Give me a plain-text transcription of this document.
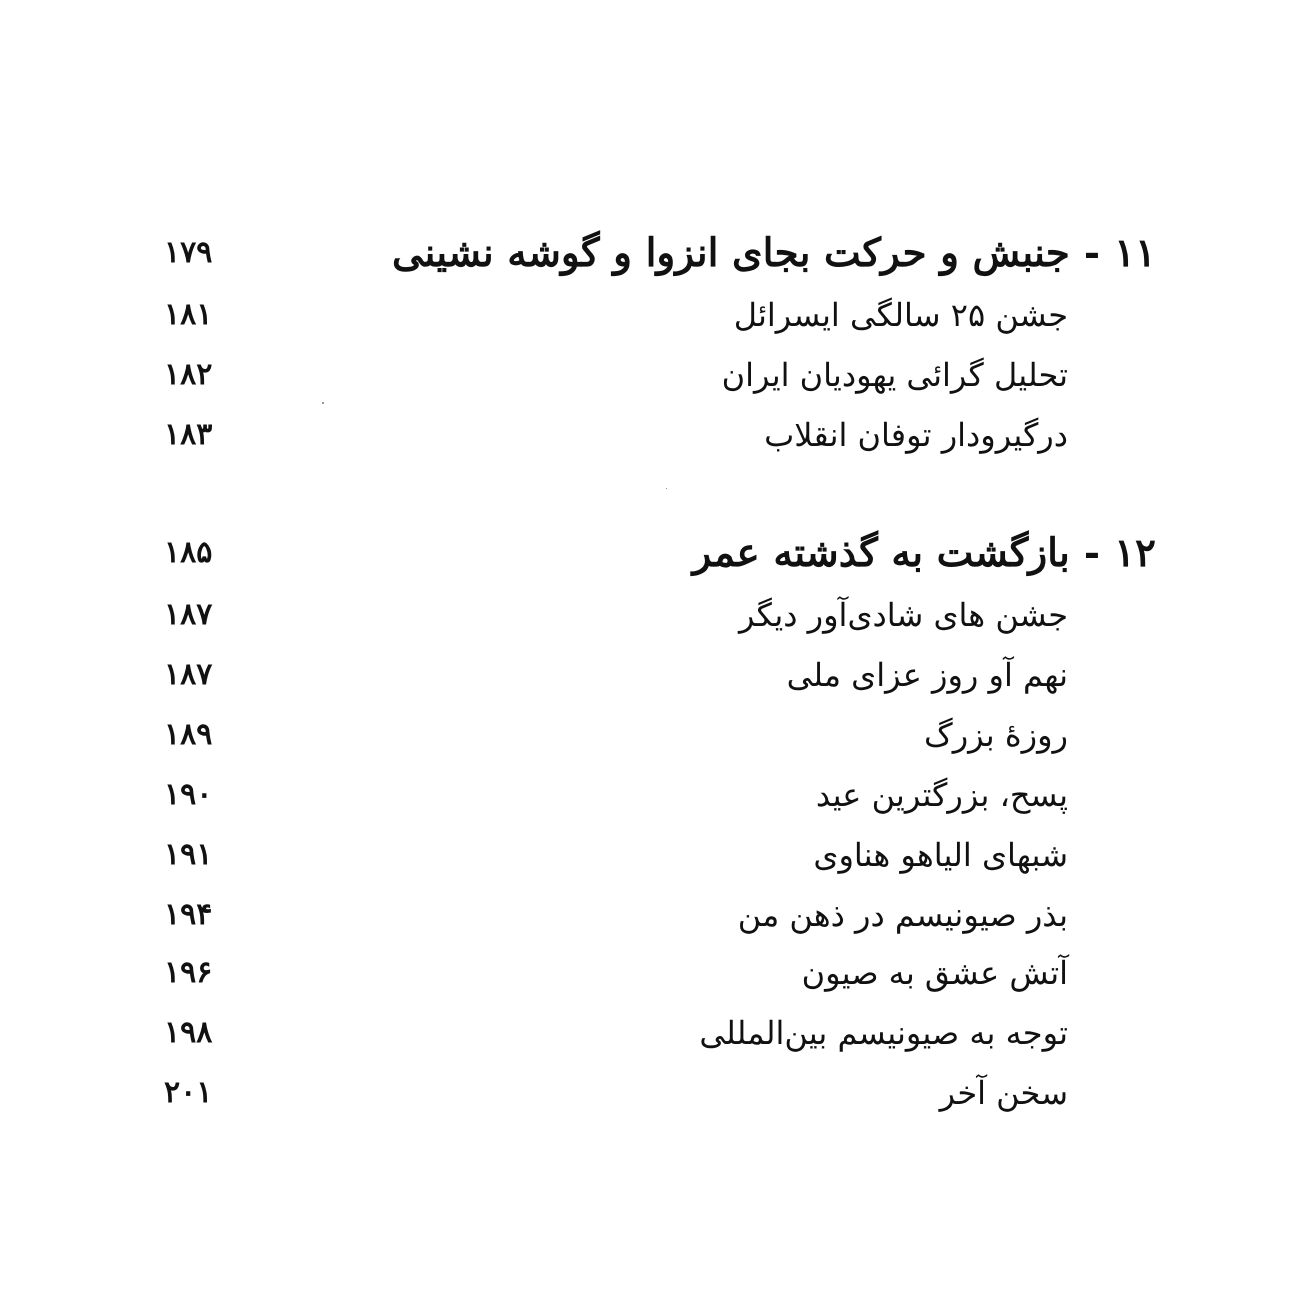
۱۱-جنبش و حرکت بجای انزوا و گوشه نشینی
۱۷۹
جشن ۲۵ سالگی ایسرائل
۱۸۱
تحلیل گرائی یهودیان ایران
۱۸۲
درگیرودار توفان انقلاب
۱۸۳
۱۲-بازگشت به گذشته عمر
۱۸۵
جشن های شادی‌آور دیگر
۱۸۷
نهم آو روز عزای ملی
۱۸۷
روزهٔ بزرگ
۱۸۹
پسح، بزرگترین عید
۱۹۰
شبهای الیاهو هناوی
۱۹۱
بذر صیونیسم در ذهن من
۱۹۴
آتش عشق به صیون
۱۹۶
توجه به صیونیسم بین‌المللی
۱۹۸
سخن آخر
۲۰۱
